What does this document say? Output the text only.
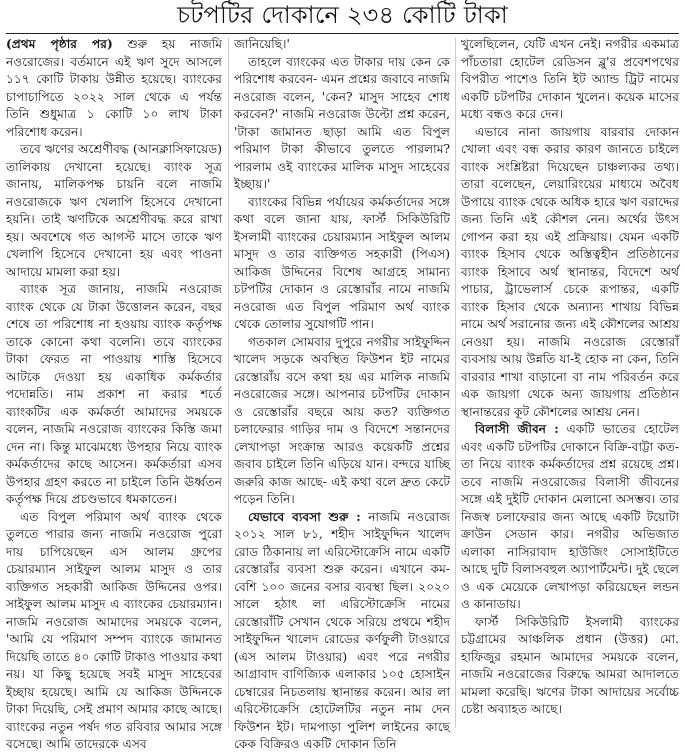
চটপটির দোকানে ২৩৪ কোটি টাকা

(প্রথম পৃষ্ঠার পর) শুরু হয় নাজমি নওরোজের। বর্তমানে এই ঋণ সুদে আসলে ১১৭ কোটি টাকায় উন্নীত হয়েছে। ব্যাংকের চাপাচাপিতে ২০২২ সাল থেকে এ পর্যন্ত তিনি শুধুমাত্র ১ কোটি ১০ লাখ টাকা পরিশোধ করেন।

তবে ঋণের অশ্রেণীবদ্ধ (আনক্লাসিফায়েড) তালিকায় দেখানো হয়েছে। ব্যাংক সূত্র জানায়, মালিকপক্ষ চায়নি বলে নাজমি নওরোজকে ঋণ খেলাপি হিসেবে দেখানো হয়নি। তাই ঋণটিকে অশ্রেণীবদ্ধ করে রাখা হয়। অবশেষে গত আগস্ট মাসে তাকে ঋণ খেলাপি হিসেবে দেখানো হয় এবং পাওনা আদায়ে মামলা করা হয়।

ব্যাংক সূত্র জানায়, নাজমি নওরোজ ব্যাংক থেকে যে টাকা উত্তোলন করেন, বছর শেষে তা পরিশোধ না হওয়ায় ব্যাংক কর্তৃপক্ষ তাকে কোনো কথা বলেনি। তবে ব্যাংকের টাকা ফেরত না পাওয়ায় শাস্তি হিসেবে আটকে দেওয়া হয় একাধিক কর্মকর্তার পদোন্নতি। নাম প্রকাশ না করার শর্তে ব্যাংকটির এক কর্মকর্তা আমাদের সময়কে বলেন, নাজমি নওরোজ ব্যাংকের কিস্তি জমা দেন না। কিন্তু মাঝেমধ্যে উপহার নিয়ে ব্যাংক কর্মকর্তাদের কাছে আসেন। কর্মকর্তারা এসব উপহার গ্রহণ করতে না চাইলে তিনি ঊর্ধ্বতন কর্তৃপক্ষ দিয়ে প্রচণ্ডভাবে ধমকাতেন।

এত বিপুল পরিমাণ অর্থ ব্যাংক থেকে তুলতে পারার জন্য নাজমি নওরোজ পুরো দায় চাপিয়েছেন এস আলম গ্রুপের চেয়ারম্যান সাইফুল আলম মাসুদ ও তার ব্যক্তিগত সহকারী আকিজ উদ্দিনের ওপর। সাইফুল আলম মাসুদ এ ব্যাংকের চেয়ারম্যান। নাজমি নওরোজ আমাদের সময়কে বলেন, 'আমি যে পরিমাণ সম্পদ ব্যাংকে জামানত দিয়েছি তাতে ৪০ কোটি টাকাও পাওয়ার কথা নয়। যা কিছু হয়েছে সবই মাসুদ সাহেবের ইচ্ছায় হয়েছে। আমি যে আকিজ উদ্দিনকে টাকা দিয়েছি, সেই প্রমাণ আমার কাছে আছে। ব্যাংকের নতুন পর্ষদ গত রবিবার আমার সঙ্গে বসেছে। আমি তাদেরকে এসব

জানিয়েছি।'

তাহলে ব্যাংকের এত টাকার দায় কেন কে পরিশোধ করবেন- এমন প্রশ্নের জবাবে নাজমি নওরোজ বলেন, 'কেন? মাসুদ সাহেব শোধ করবেন?' নাজমি নওরোজ উল্টো প্রশ্ন করেন, 'টাকা জামানত ছাড়া আমি এত বিপুল পরিমাণ টাকা কীভাবে তুলতে পারলাম? পারলাম ওই ব্যাংকের মালিক মাসুদ সাহেবের ইচ্ছায়।'

ব্যাংকের বিভিন্ন পর্যায়ের কর্মকর্তাদের সঙ্গে কথা বলে জানা যায়, ফার্স্ট সিকিউরিটি ইসলামী ব্যাংকের চেয়ারম্যান সাইফুল আলম মাসুদ ও তার ব্যক্তিগত সহকারী (পিএস) আকিজ উদ্দিনের বিশেষ আগ্রহে সামান্য চটপটির দোকান ও রেস্তোরাঁর নামে নাজমি নওরোজ এত বিপুল পরিমাণ অর্থ ব্যাংক থেকে তোলার সুযোগটি পান।

গতকাল সোমবার দুপুরে নগরীর সাইফুদ্দিন খালেদ সড়কে অবস্থিত ফিউশন ইট নামের রেস্তোরাঁয় বসে কথা হয় এর মালিক নাজমি নওরোজের সঙ্গে। আপনার চটপটির দোকান ও রেস্তোরাঁর বছরে আয় কত? ব্যক্তিগত চলাফেরার গাড়ির দাম ও বিদেশে সন্তানদের লেখাপড়া সংক্রান্ত আরও কয়েকটি প্রশ্নের জবাব চাইলে তিনি এড়িয়ে যান। বন্দরে যাচ্ছি জরুরি কাজ আছে- এই কথা বলে দ্রুত কেটে পড়েন তিনি।

যেভাবে ব্যবসা শুরু : নাজমি নওরোজ ২০১২ সাল ৮১, শহীদ সাইফুদ্দিন খালেদ রোড ঠিকানায় লা এরিস্টোক্রেসি নামে একটি রেস্তোরাঁর ব্যবসা শুরু করেন। এখানে কম-বেশি ১০০ জনের বসার ব্যবস্থা ছিল। ২০২০ সালে হঠাৎ লা এরিস্টোক্রেসি নামের রেস্তোরাঁটি সেখান থেকে সরিয়ে প্রথমে শহীদ সাইফুদ্দিন খালেদ রোডের কর্ণফুলী টাওয়ারে (এস আলম টাওয়ার) এবং পরে নগরীর আগ্রাবাদ বাণিজ্যিক এলাকার ১০৫ হোসাইন চেম্বারের নিচতলায় স্থানান্তর করেন। আর লা এরিস্টোক্রেসি হোটেলটির নতুন নাম দেন ফিউশন ইট। দামপাড়া পুলিশ লাইনের কাছে কেক বিক্রিরও একটি দোকান তিনি

খুলেছিলেন, যেটি এখন নেই। নগরীর একমাত্র পাঁচতারা হোটেল রেডিসন ব্লু'র প্রবেশপথের বিপরীত পাশেও তিনি ইট অ্যান্ড ট্রিট নামের একটি চটপটির দোকান খুলেন। কয়েক মাসের মধ্যে বন্ধও করে দেন।

এভাবে নানা জায়গায় বারবার দোকান খোলা এবং বন্ধ করার কারণ জানতে চাইলে ব্যাংক সংশ্লিষ্টরা দিয়েছেন চাঞ্চল্যকর তথ্য। তারা বলেছেন, লেয়ারিংয়ের মাধ্যমে অবৈধ উপায়ে ব্যাংক থেকে অধিক হারে ঋণ বরাদ্দের জন্য তিনি এই কৌশল নেন। অর্থের উৎস গোপন করা হয় এই প্রক্রিয়ায়। যেমন একটি ব্যাংক হিসাব থেকে অস্তিত্বহীন প্রতিষ্ঠানের ব্যাংক হিসাবে অর্থ স্থানান্তর, বিদেশে অর্থ পাচার, ট্রাভেলার্স চেকে রূপান্তর, একটি ব্যাংক হিসাব থেকে অন্যান্য শাখায় বিভিন্ন নামে অর্থ সরানোর জন্য এই কৌশলের আশ্রয় নেওয়া হয়। নাজমি নওরোজ রেস্তোরাঁ ব্যবসায় আয় উন্নতি যা-ই হোক না কেন, তিনি বারবার শাখা বাড়ানো বা নাম পরিবর্তন করে এক জায়গা থেকে অন্য জায়গায় প্রতিষ্ঠান স্থানান্তরের কূট কৌশলের আশ্রয় নেন।

বিলাসী জীবন : একটি ভাতের হোটেল এবং একটি চটপটির দোকানে বিক্রি-বাট্টা কত- তা নিয়ে ব্যাংক কর্মকর্তাদের প্রশ্ন রয়েছে প্রশ্ন। তবে নাজমি নওরোজের বিলাসী জীবনের সঙ্গে এই দুইটি দোকান মেলানো অসম্ভব। তার নিজস্ব চলাফেরার জন্য আছে একটি টয়োটা ক্রাউন সেডান কার। নগরীর অভিজাত এলাকা নাসিরাবাদ হাউজিং সোসাইটিতে আছে দুটি বিলাসবহুল অ্যাপার্টমেন্ট। দুই ছেলে ও এক মেয়েকে লেখাপড়া করিয়েছেন লন্ডন ও কানাডায়।

ফার্স্ট সিকিউরিটি ইসলামী ব্যাংকের চট্টগ্রামের আঞ্চলিক প্রধান (উত্তর) মো. হাফিজুর রহমান আমাদের সময়কে বলেন, নাজমি নওরোজের বিরুদ্ধে আমরা আদালতে মামলা করেছি। ঋণের টাকা আদায়ের সর্বোচ্চ চেষ্টা অব্যাহত আছে।
